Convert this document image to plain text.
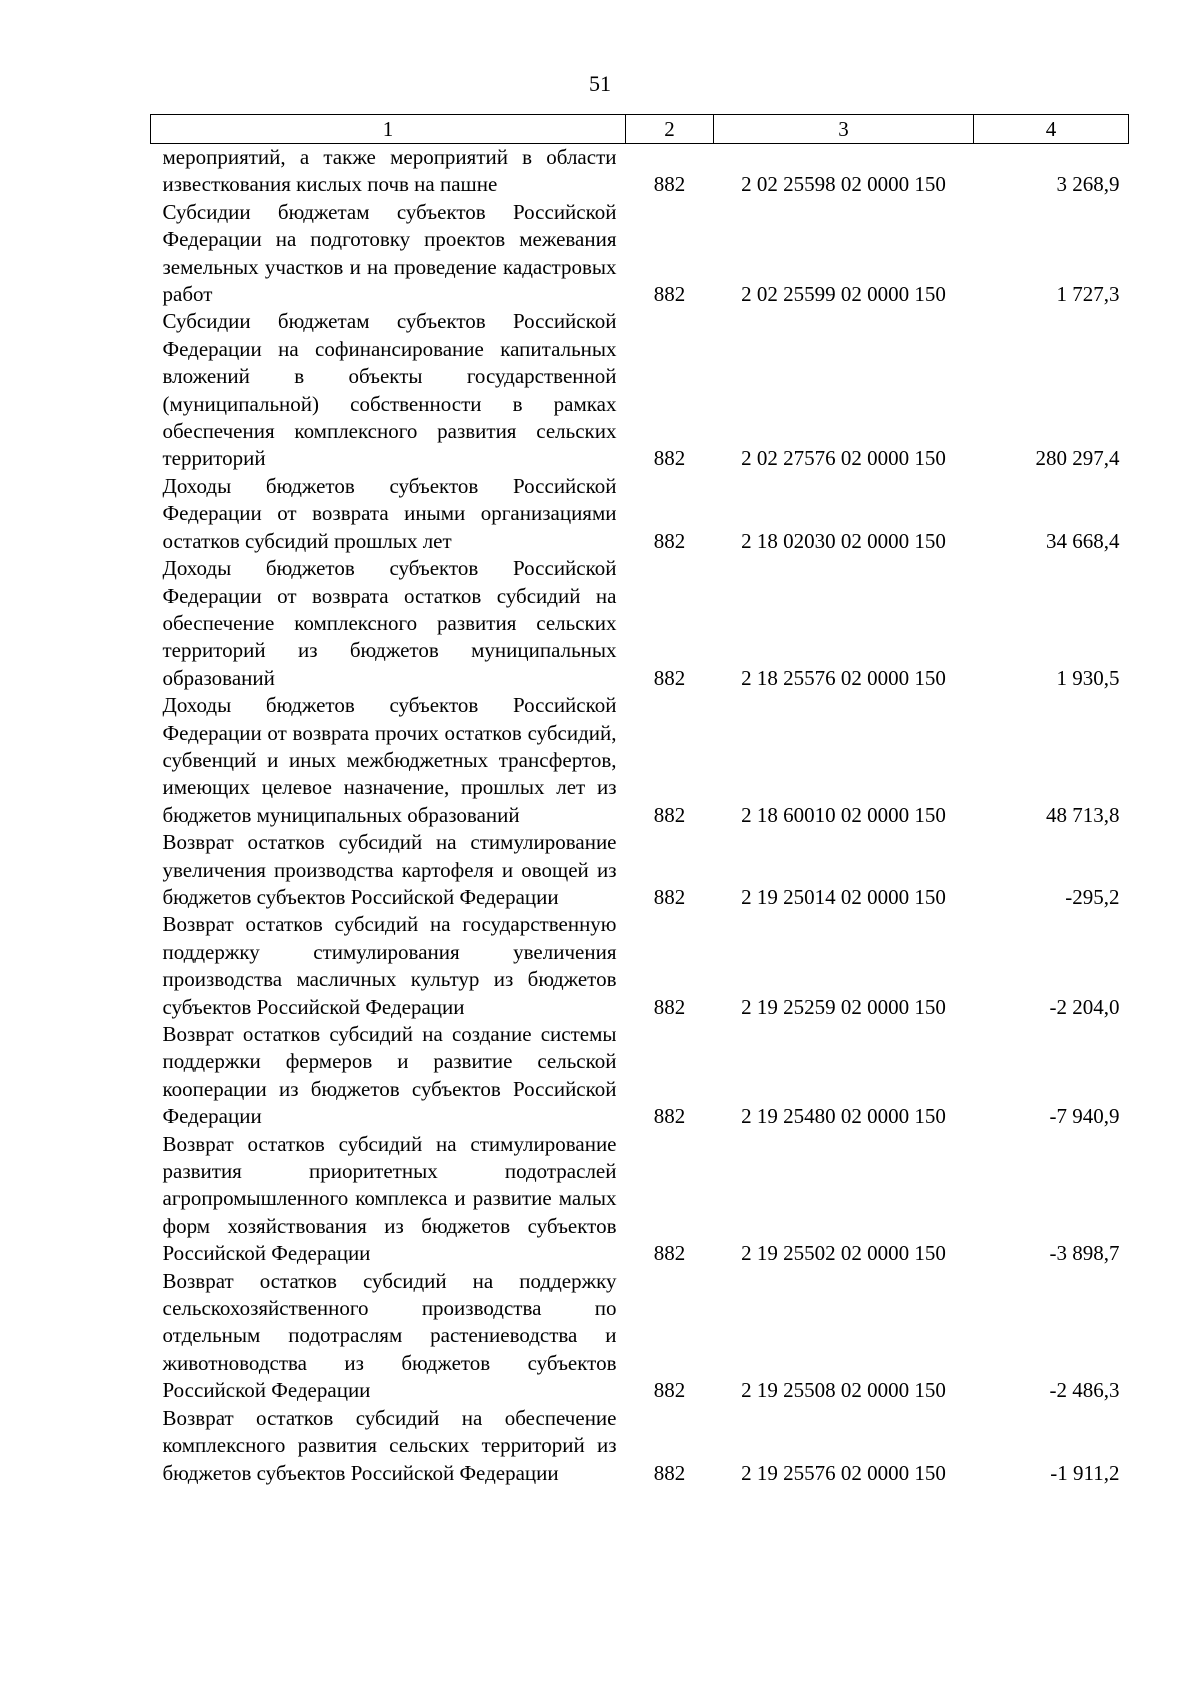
51
1	2	3	4
мероприятий, а также мероприятий в области известкования кислых почв на пашне	882	2 02 25598 02 0000 150	3 268,9
Субсидии бюджетам субъектов Российской Федерации на подготовку проектов межевания земельных участков и на проведение кадастровых работ	882	2 02 25599 02 0000 150	1 727,3
Субсидии бюджетам субъектов Российской Федерации на софинансирование капитальных вложений в объекты государственной (муниципальной) собственности в рамках обеспечения комплексного развития сельских территорий	882	2 02 27576 02 0000 150	280 297,4
Доходы бюджетов субъектов Российской Федерации от возврата иными организациями остатков субсидий прошлых лет	882	2 18 02030 02 0000 150	34 668,4
Доходы бюджетов субъектов Российской Федерации от возврата остатков субсидий на обеспечение комплексного развития сельских территорий из бюджетов муниципальных образований	882	2 18 25576 02 0000 150	1 930,5
Доходы бюджетов субъектов Российской Федерации от возврата прочих остатков субсидий, субвенций и иных межбюджетных трансфертов, имеющих целевое назначение, прошлых лет из бюджетов муниципальных образований	882	2 18 60010 02 0000 150	48 713,8
Возврат остатков субсидий на стимулирование увеличения производства картофеля и овощей из бюджетов субъектов Российской Федерации	882	2 19 25014 02 0000 150	-295,2
Возврат остатков субсидий на государственную поддержку стимулирования увеличения производства масличных культур из бюджетов субъектов Российской Федерации	882	2 19 25259 02 0000 150	-2 204,0
Возврат остатков субсидий на создание системы поддержки фермеров и развитие сельской кооперации из бюджетов субъектов Российской Федерации	882	2 19 25480 02 0000 150	-7 940,9
Возврат остатков субсидий на стимулирование развития приоритетных подотраслей агропромышленного комплекса и развитие малых форм хозяйствования из бюджетов субъектов Российской Федерации	882	2 19 25502 02 0000 150	-3 898,7
Возврат остатков субсидий на поддержку сельскохозяйственного производства по отдельным подотраслям растениеводства и животноводства из бюджетов субъектов Российской Федерации	882	2 19 25508 02 0000 150	-2 486,3
Возврат остатков субсидий на обеспечение комплексного развития сельских территорий из бюджетов субъектов Российской Федерации	882	2 19 25576 02 0000 150	-1 911,2
